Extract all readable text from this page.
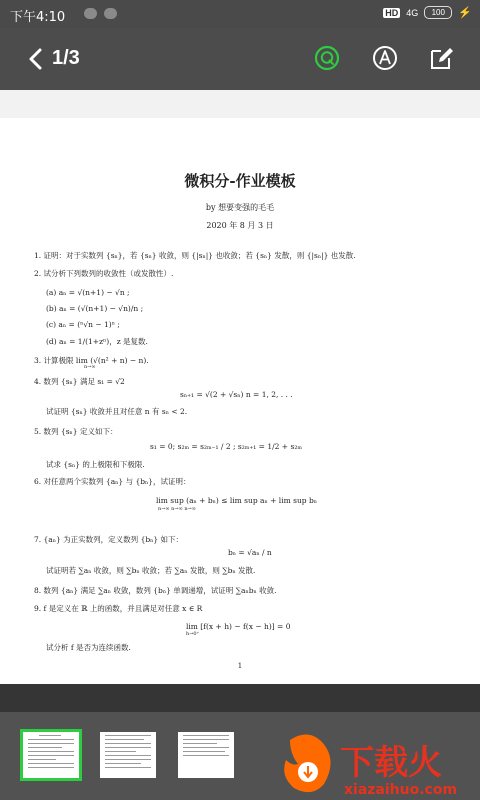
下午4:10	HD 4G	100	⚡
1/3
微积分-作业模板
by 想要变强的毛毛
2020 年 8 月 3 日
1. 证明：对于实数列 {sₙ}，若 {sₙ} 收敛，则 {|sₙ|} 也收敛；若 {sₙ} 发散，则 {|sₙ|} 也发散.
2. 试分析下列数列的收敛性（或发散性）.
(a) aₙ = √(n+1) − √n ;
(b) aₙ = (√(n+1) − √n)/n ;
(c) aₙ = (ⁿ√n − 1)ⁿ ;
(d) aₙ = 1/(1+zⁿ)，z 是复数.
3. 计算极限 lim (√(n² + n) − n).
n→∞
4. 数列 {sₙ} 满足 s₁ = √2
sₙ₊₁ = √(2 + √sₙ) n = 1, 2, . . .
试证明 {sₙ} 收敛并且对任意 n 有 sₙ < 2.
5. 数列 {sₙ} 定义如下：
s₁ = 0; s₂ₘ = s₂ₘ₋₁ / 2 ; s₂ₘ₊₁ = 1/2 + s₂ₘ
试求 {sₙ} 的上极限和下极限.
6. 对任意两个实数列 {aₙ} 与 {bₙ}，试证明：
lim sup (aₙ + bₙ) ≤ lim sup aₙ + lim sup bₙ
n→∞ n→∞ n→∞
7. {aₙ} 为正实数列，定义数列 {bₙ} 如下：
bₙ = √aₙ / n
试证明若 ∑aₙ 收敛，则 ∑bₙ 收敛；若 ∑aₙ 发散，则 ∑bₙ 发散.
8. 数列 {aₙ} 满足 ∑aₙ 收敛，数列 {bₙ} 单调递增，试证明 ∑aₙbₙ 收敛.
9. f 是定义在 ℝ 上的函数，并且满足对任意 x ∈ R
lim [f(x + h) − f(x − h)] = 0
h→0⁺
试分析 f 是否为连续函数.
1
下载火
xiazaihuo.com
